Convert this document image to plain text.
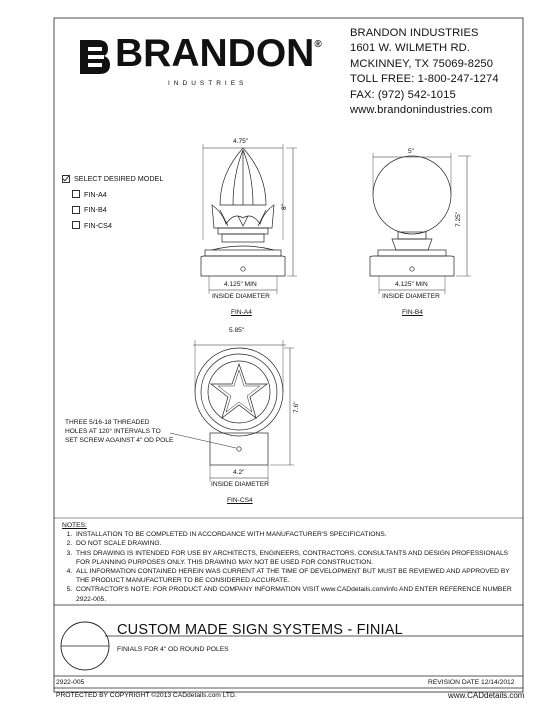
BRANDON®
INDUSTRIES
BRANDON INDUSTRIES
1601 W. WILMETH RD.
MCKINNEY, TX 75069-8250
TOLL FREE: 1-800-247-1274
FAX: (972) 542-1015
www.brandonindustries.com
SELECT DESIRED MODEL
FIN-A4
FIN-B4
FIN-CS4
4.75"
8"
4.125" MIN
INSIDE DIAMETER
FIN-A4
5"
7.25"
4.125" MIN
INSIDE DIAMETER
FIN-B4
5.85"
7.6"
4.2"
INSIDE DIAMETER
FIN-CS4
THREE 5/16-18 THREADED
HOLES AT 120° INTERVALS TO
SET SCREW AGAINST 4" OD POLE
NOTES:
1. INSTALLATION TO BE COMPLETED IN ACCORDANCE WITH MANUFACTURER'S SPECIFICATIONS.
2. DO NOT SCALE DRAWING.
3. THIS DRAWING IS INTENDED FOR USE BY ARCHITECTS, ENGINEERS, CONTRACTORS, CONSULTANTS AND DESIGN PROFESSIONALS FOR PLANNING PURPOSES ONLY. THIS DRAWING MAY NOT BE USED FOR CONSTRUCTION.
4. ALL INFORMATION CONTAINED HEREIN WAS CURRENT AT THE TIME OF DEVELOPMENT BUT MUST BE REVIEWED AND APPROVED BY THE PRODUCT MANUFACTURER TO BE CONSIDERED ACCURATE.
5. CONTRACTOR'S NOTE: FOR PRODUCT AND COMPANY INFORMATION VISIT www.CADdetails.com/info AND ENTER REFERENCE NUMBER 2922-005.
CUSTOM MADE SIGN SYSTEMS - FINIAL
FINIALS FOR 4" OD ROUND POLES
2922-005
PROTECTED BY COPYRIGHT ©2013 CADdetails.com LTD.
REVISION DATE 12/14/2012
www.CADdetails.com
